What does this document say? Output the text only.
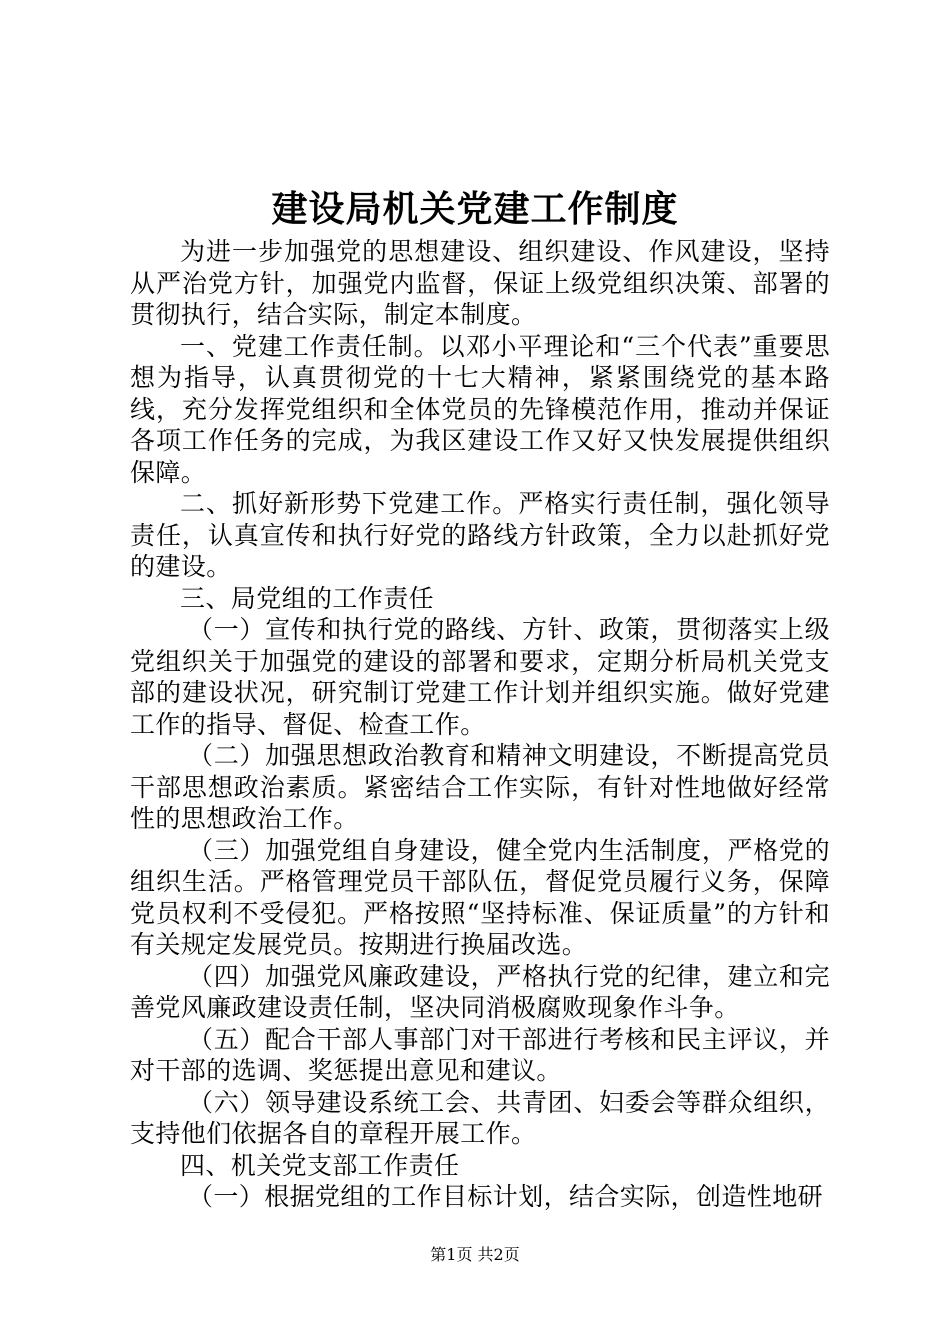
建设局机关党建工作制度

为进一步加强党的思想建设、组织建设、作风建设，坚持从严治党方针，加强党内监督，保证上级党组织决策、部署的贯彻执行，结合实际，制定本制度。

一、党建工作责任制。以邓小平理论和“三个代表”重要思想为指导，认真贯彻党的十七大精神，紧紧围绕党的基本路线，充分发挥党组织和全体党员的先锋模范作用，推动并保证各项工作任务的完成，为我区建设工作又好又快发展提供组织保障。

二、抓好新形势下党建工作。严格实行责任制，强化领导责任，认真宣传和执行好党的路线方针政策，全力以赴抓好党的建设。

三、局党组的工作责任

（一）宣传和执行党的路线、方针、政策，贯彻落实上级党组织关于加强党的建设的部署和要求，定期分析局机关党支部的建设状况，研究制订党建工作计划并组织实施。做好党建工作的指导、督促、检查工作。

（二）加强思想政治教育和精神文明建设，不断提高党员干部思想政治素质。紧密结合工作实际，有针对性地做好经常性的思想政治工作。

（三）加强党组自身建设，健全党内生活制度，严格党的组织生活。严格管理党员干部队伍，督促党员履行义务，保障党员权利不受侵犯。严格按照“坚持标准、保证质量”的方针和有关规定发展党员。按期进行换届改选。

（四）加强党风廉政建设，严格执行党的纪律，建立和完善党风廉政建设责任制，坚决同消极腐败现象作斗争。

（五）配合干部人事部门对干部进行考核和民主评议，并对干部的选调、奖惩提出意见和建议。

（六）领导建设系统工会、共青团、妇委会等群众组织，支持他们依据各自的章程开展工作。

四、机关党支部工作责任

（一）根据党组的工作目标计划，结合实际，创造性地研

第1页 共2页
